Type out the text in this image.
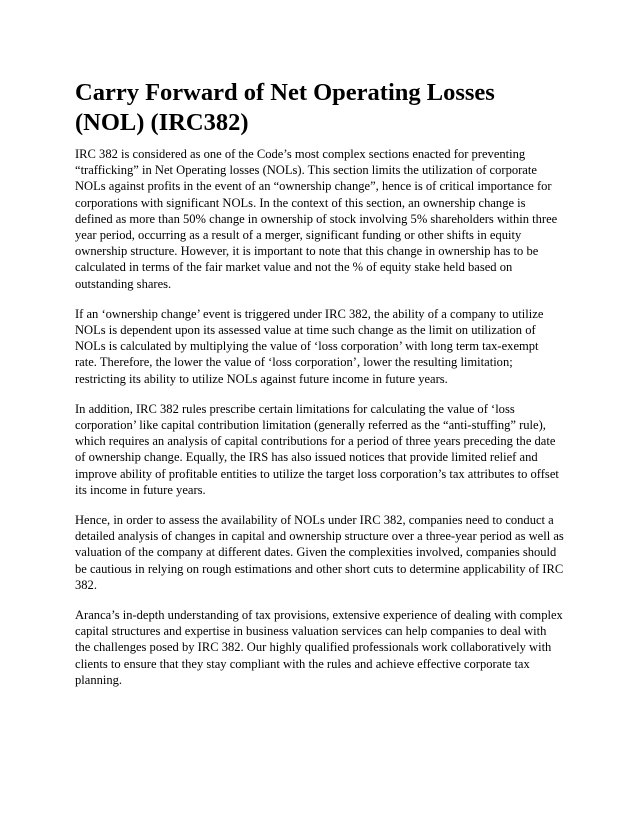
Carry Forward of Net Operating Losses
(NOL) (IRC382)

IRC 382 is considered as one of the Code’s most complex sections enacted for preventing
“trafficking” in Net Operating losses (NOLs). This section limits the utilization of corporate
NOLs against profits in the event of an “ownership change”, hence is of critical importance for
corporations with significant NOLs. In the context of this section, an ownership change is
defined as more than 50% change in ownership of stock involving 5% shareholders within three
year period, occurring as a result of a merger, significant funding or other shifts in equity
ownership structure. However, it is important to note that this change in ownership has to be
calculated in terms of the fair market value and not the % of equity stake held based on
outstanding shares.

If an ‘ownership change’ event is triggered under IRC 382, the ability of a company to utilize
NOLs is dependent upon its assessed value at time such change as the limit on utilization of
NOLs is calculated by multiplying the value of ‘loss corporation’ with long term tax-exempt
rate. Therefore, the lower the value of ‘loss corporation’, lower the resulting limitation;
restricting its ability to utilize NOLs against future income in future years.

In addition, IRC 382 rules prescribe certain limitations for calculating the value of ‘loss
corporation’ like capital contribution limitation (generally referred as the “anti-stuffing” rule),
which requires an analysis of capital contributions for a period of three years preceding the date
of ownership change. Equally, the IRS has also issued notices that provide limited relief and
improve ability of profitable entities to utilize the target loss corporation’s tax attributes to offset
its income in future years.

Hence, in order to assess the availability of NOLs under IRC 382, companies need to conduct a
detailed analysis of changes in capital and ownership structure over a three-year period as well as
valuation of the company at different dates. Given the complexities involved, companies should
be cautious in relying on rough estimations and other short cuts to determine applicability of IRC
382.

Aranca’s in-depth understanding of tax provisions, extensive experience of dealing with complex
capital structures and expertise in business valuation services can help companies to deal with
the challenges posed by IRC 382. Our highly qualified professionals work collaboratively with
clients to ensure that they stay compliant with the rules and achieve effective corporate tax
planning.
